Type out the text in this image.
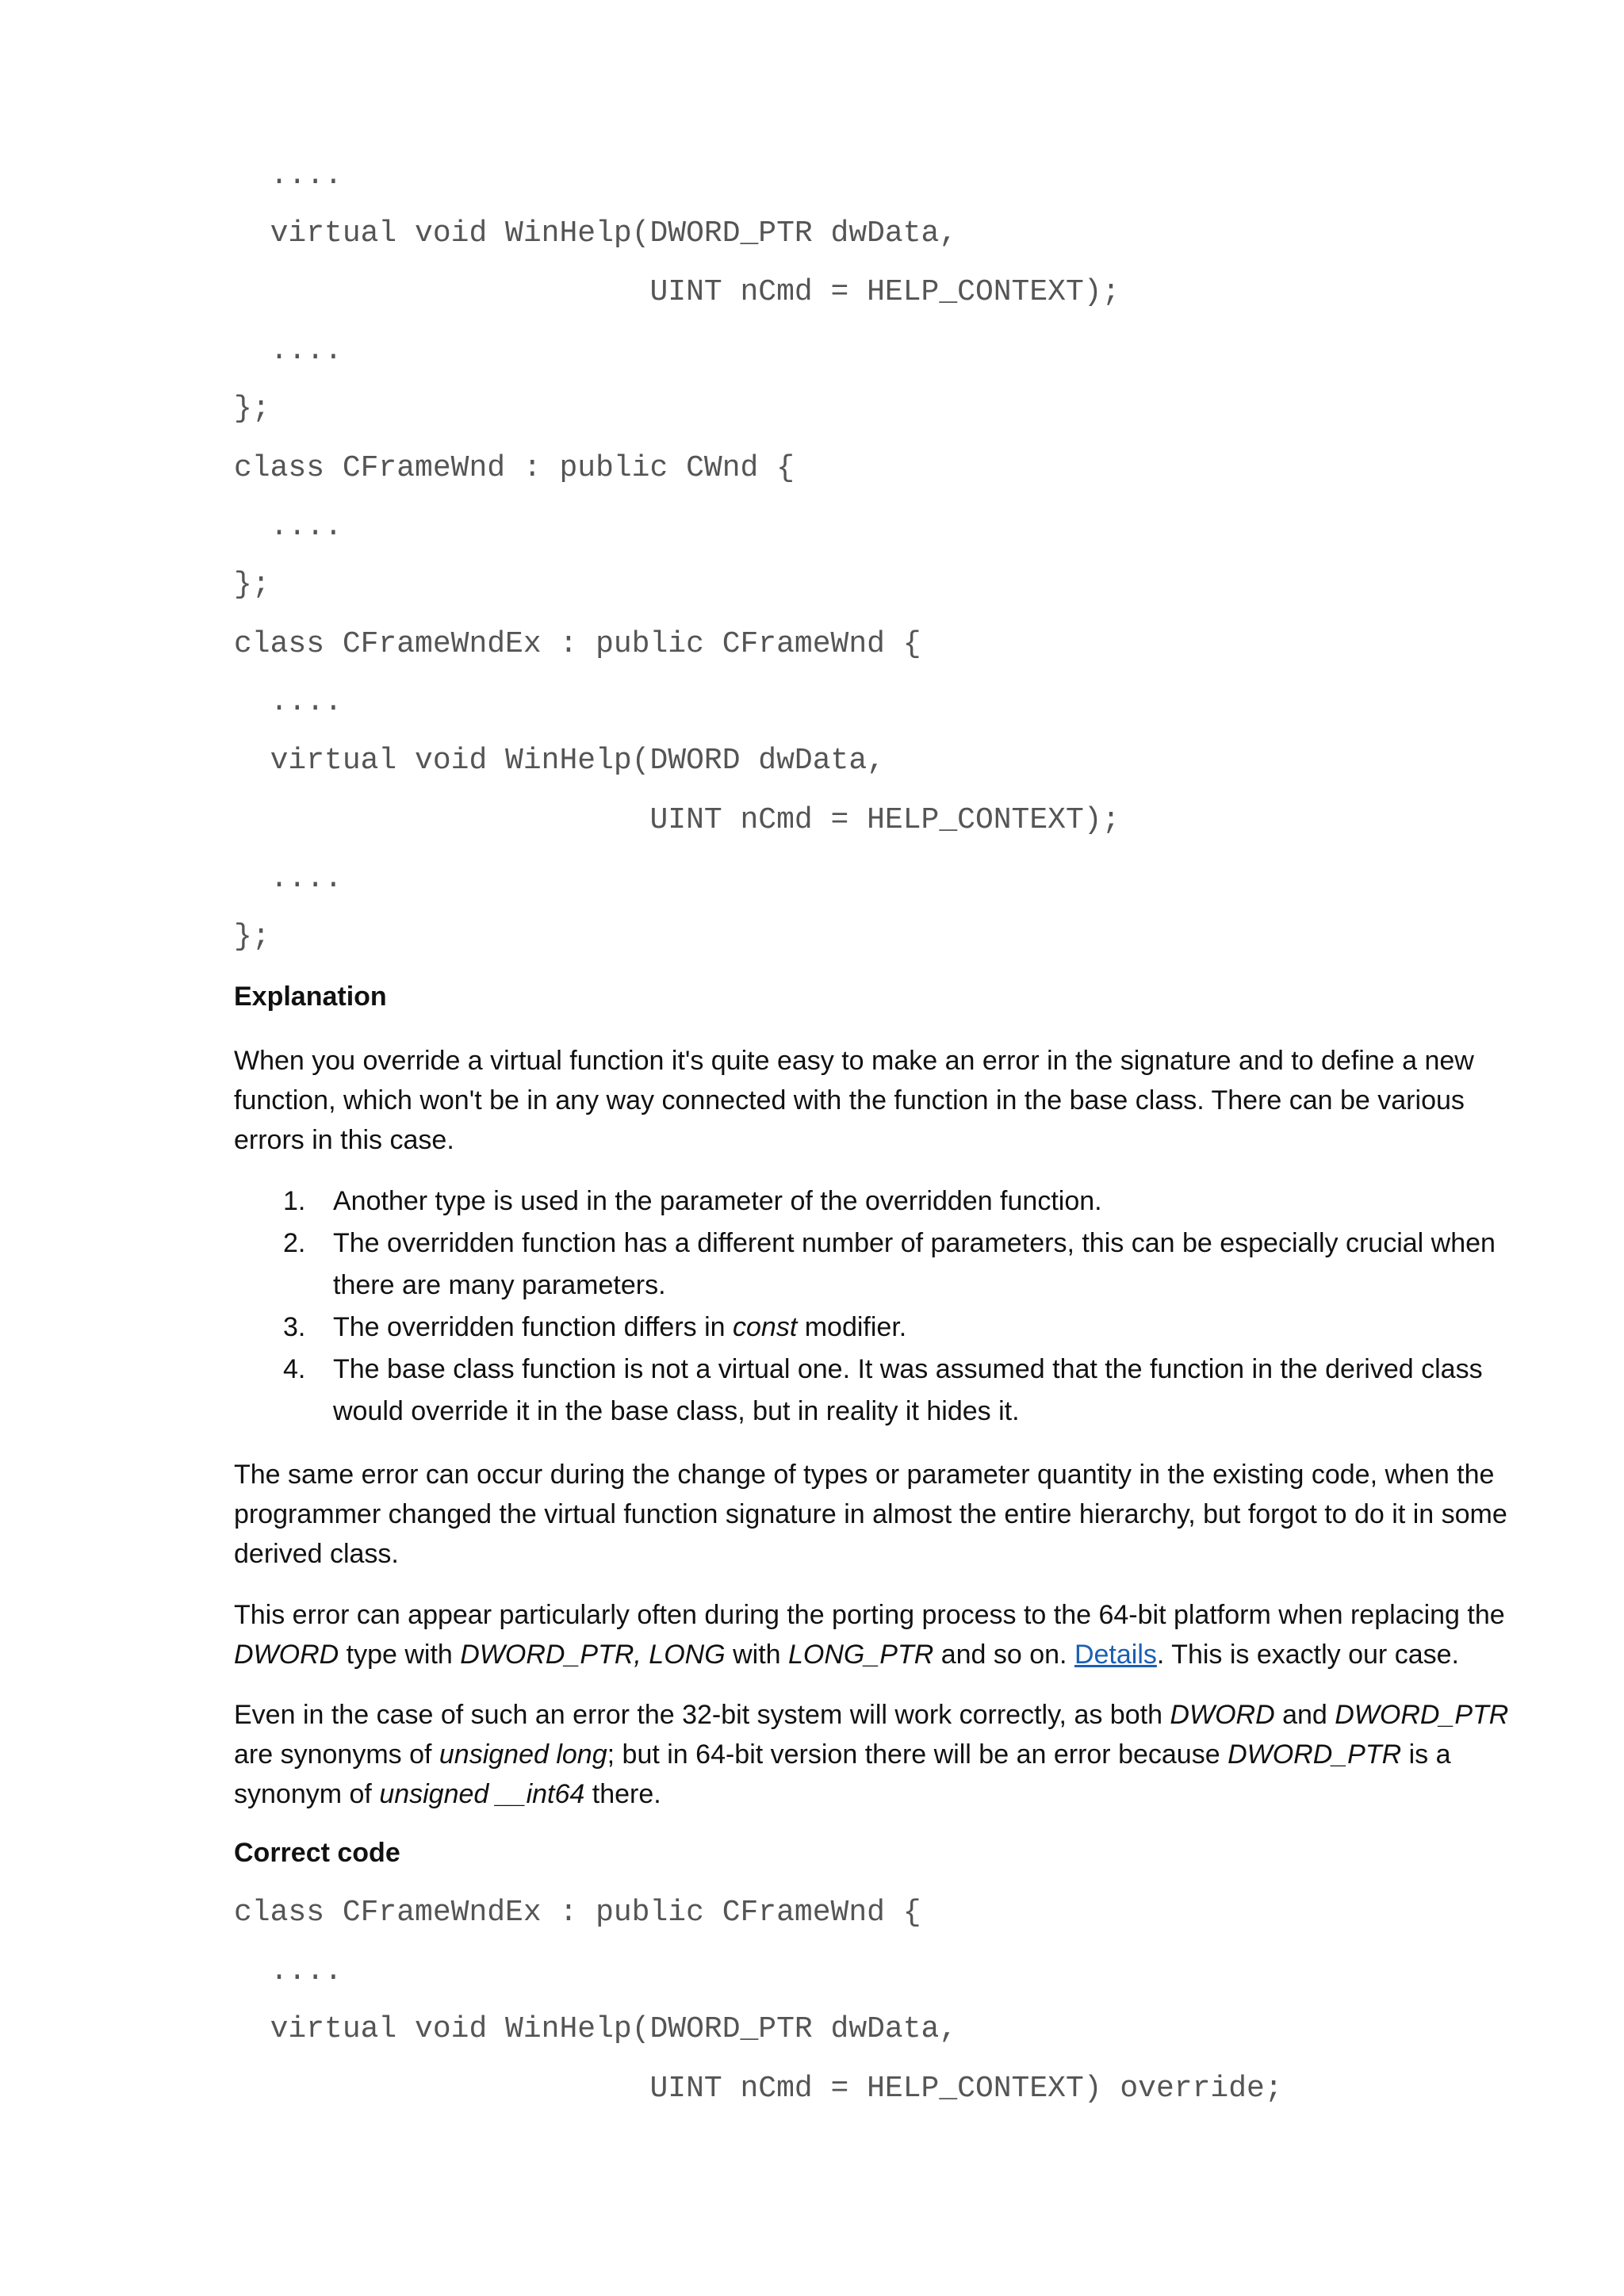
....
virtual void WinHelp(DWORD_PTR dwData,
UINT nCmd = HELP_CONTEXT);
....
};
class CFrameWnd : public CWnd {
....
};
class CFrameWndEx : public CFrameWnd {
....
virtual void WinHelp(DWORD dwData,
UINT nCmd = HELP_CONTEXT);
....
};
Explanation
When you override a virtual function it's quite easy to make an error in the signature and to define a new function, which won't be in any way connected with the function in the base class. There can be various errors in this case.
1. Another type is used in the parameter of the overridden function.
2. The overridden function has a different number of parameters, this can be especially crucial when there are many parameters.
3. The overridden function differs in const modifier.
4. The base class function is not a virtual one. It was assumed that the function in the derived class would override it in the base class, but in reality it hides it.
The same error can occur during the change of types or parameter quantity in the existing code, when the programmer changed the virtual function signature in almost the entire hierarchy, but forgot to do it in some derived class.
This error can appear particularly often during the porting process to the 64-bit platform when replacing the DWORD type with DWORD_PTR, LONG with LONG_PTR and so on. Details. This is exactly our case.
Even in the case of such an error the 32-bit system will work correctly, as both DWORD and DWORD_PTR are synonyms of unsigned long; but in 64-bit version there will be an error because DWORD_PTR is a synonym of unsigned __int64 there.
Correct code
class CFrameWndEx : public CFrameWnd {
....
virtual void WinHelp(DWORD_PTR dwData,
UINT nCmd = HELP_CONTEXT) override;
